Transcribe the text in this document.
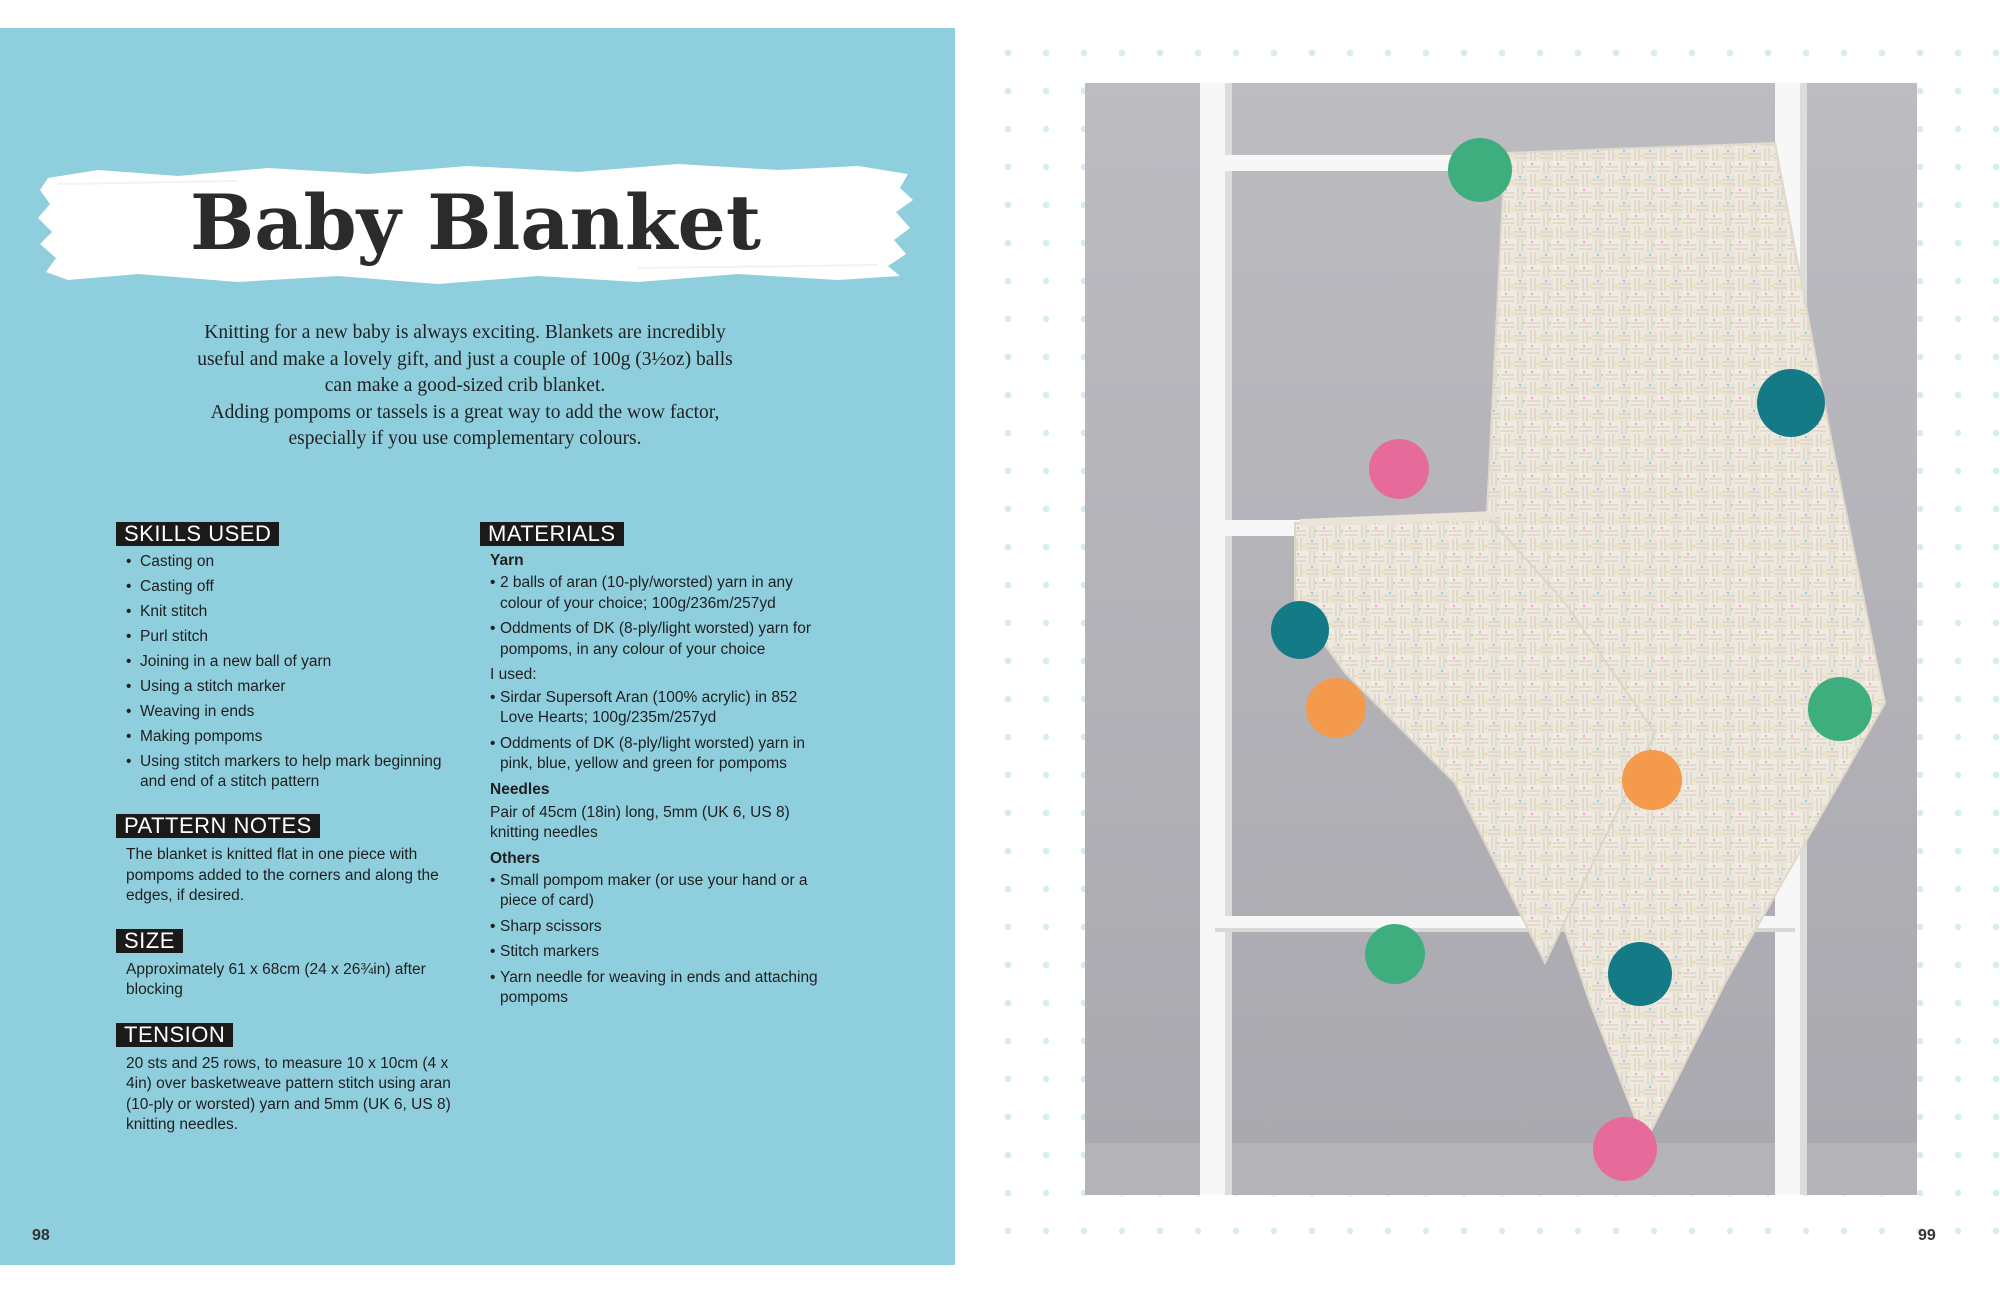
Baby Blanket

Knitting for a new baby is always exciting. Blankets are incredibly

useful and make a lovely gift, and just a couple of 100g (3½oz) balls

can make a good-sized crib blanket.

Adding pompoms or tassels is a great way to add the wow factor,

especially if you use complementary colours.

SKILLS USED
• Casting on
• Casting off
• Knit stitch
• Purl stitch
• Joining in a new ball of yarn
• Using a stitch marker
• Weaving in ends
• Making pompoms
• Using stitch markers to help mark beginning and end of a stitch pattern
PATTERN NOTES
The blanket is knitted flat in one piece with pompoms added to the corners and along the edges, if desired.
SIZE
Approximately 61 x 68cm (24 x 26¾in) after blocking
TENSION
20 sts and 25 rows, to measure 10 x 10cm (4 x 4in) over basketweave pattern stitch using aran (10-ply or worsted) yarn and 5mm (UK 6, US 8) knitting needles.
MATERIALS
Yarn
• 2 balls of aran (10-ply/worsted) yarn in any colour of your choice; 100g/236m/257yd
• Oddments of DK (8-ply/light worsted) yarn for pompoms, in any colour of your choice
I used:
• Sirdar Supersoft Aran (100% acrylic) in 852 Love Hearts; 100g/235m/257yd
• Oddments of DK (8-ply/light worsted) yarn in pink, blue, yellow and green for pompoms
Needles
Pair of 45cm (18in) long, 5mm (UK 6, US 8) knitting needles
Others
• Small pompom maker (or use your hand or a piece of card)
• Sharp scissors
• Stitch markers
• Yarn needle for weaving in ends and attaching pompoms
98	99
